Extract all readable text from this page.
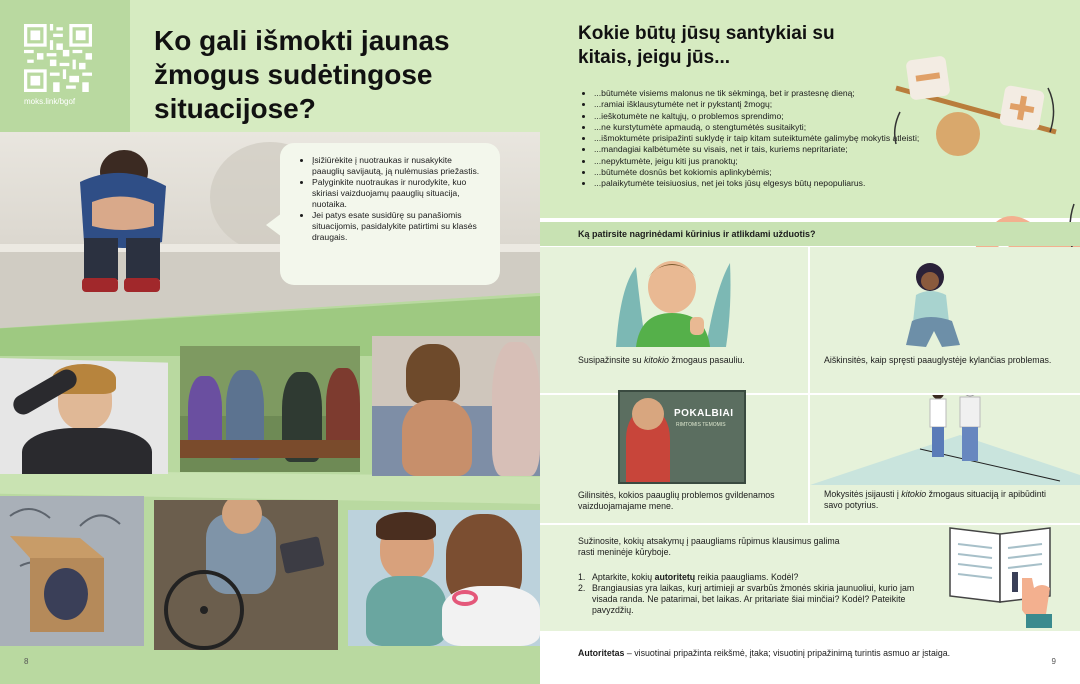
moks.link/bgof
Ko gali išmokti jaunas žmogus sudėtingose situacijose?
• Įsižiūrėkite į nuotraukas ir nusakykite paauglių savijautą, ją nulėmusias priežastis.
• Palyginkite nuotraukas ir nurodykite, kuo skiriasi vaizduojamų paauglių situacija, nuotaika.
• Jei patys esate susidūrę su panašiomis situacijomis, pasidalykite patirtimi su klasės draugais.
8
Kokie būtų jūsų santykiai su kitais, jeigu jūs...
• ...būtumėte visiems malonus ne tik sėkmingą, bet ir prastesnę dieną;
• ...ramiai išklausytumėte net ir pykstantį žmogų;
• ...ieškotumėte ne kaltųjų, o problemos sprendimo;
• ...ne kurstytumėte apmaudą, o stengtumėtės susitaikyti;
• ...išmoktumėte prisipažinti suklydę ir taip kitam suteiktumėte galimybę mokytis atleisti;
• ...mandagiai kalbėtumėte su visais, net ir tais, kuriems nepritariate;
• ...nepyktumėte, jeigu kiti jus pranoktų;
• ...būtumėte dosnūs bet kokiomis aplinkybėmis;
• ...palaikytumėte teisiuosius, net jei toks jūsų elgesys būtų nepopuliarus.
Ką patirsite nagrinėdami kūrinius ir atlikdami užduotis?
Susipažinsite su kitokio žmogaus pasauliu.	Aiškinsitės, kaip spręsti paauglystėje kylančias problemas.
POKALBIAI
RIMTOMIS TEMOMIS
Gilinsitės, kokios paauglių problemos gvildenamos vaizduojamajame mene.
Mokysitės įsijausti į kitokio žmogaus situaciją ir apibūdinti savo potyrius.
Sužinosite, kokių atsakymų į paaugliams rūpimus klausimus galima rasti meninėje kūryboje.
1. Aptarkite, kokių autoritetų reikia paaugliams. Kodėl?
2. Brangiausias yra laikas, kurį artimieji ar svarbūs žmonės skiria jaunuoliui, kurio jam visada randa. Ne patarimai, bet laikas. Ar pritariate šiai minčiai? Kodėl? Pateikite pavyzdžių.
Autoritetas – visuotinai pripažinta reikšmė, įtaka; visuotinį pripažinimą turintis asmuo ar įstaiga.
9
